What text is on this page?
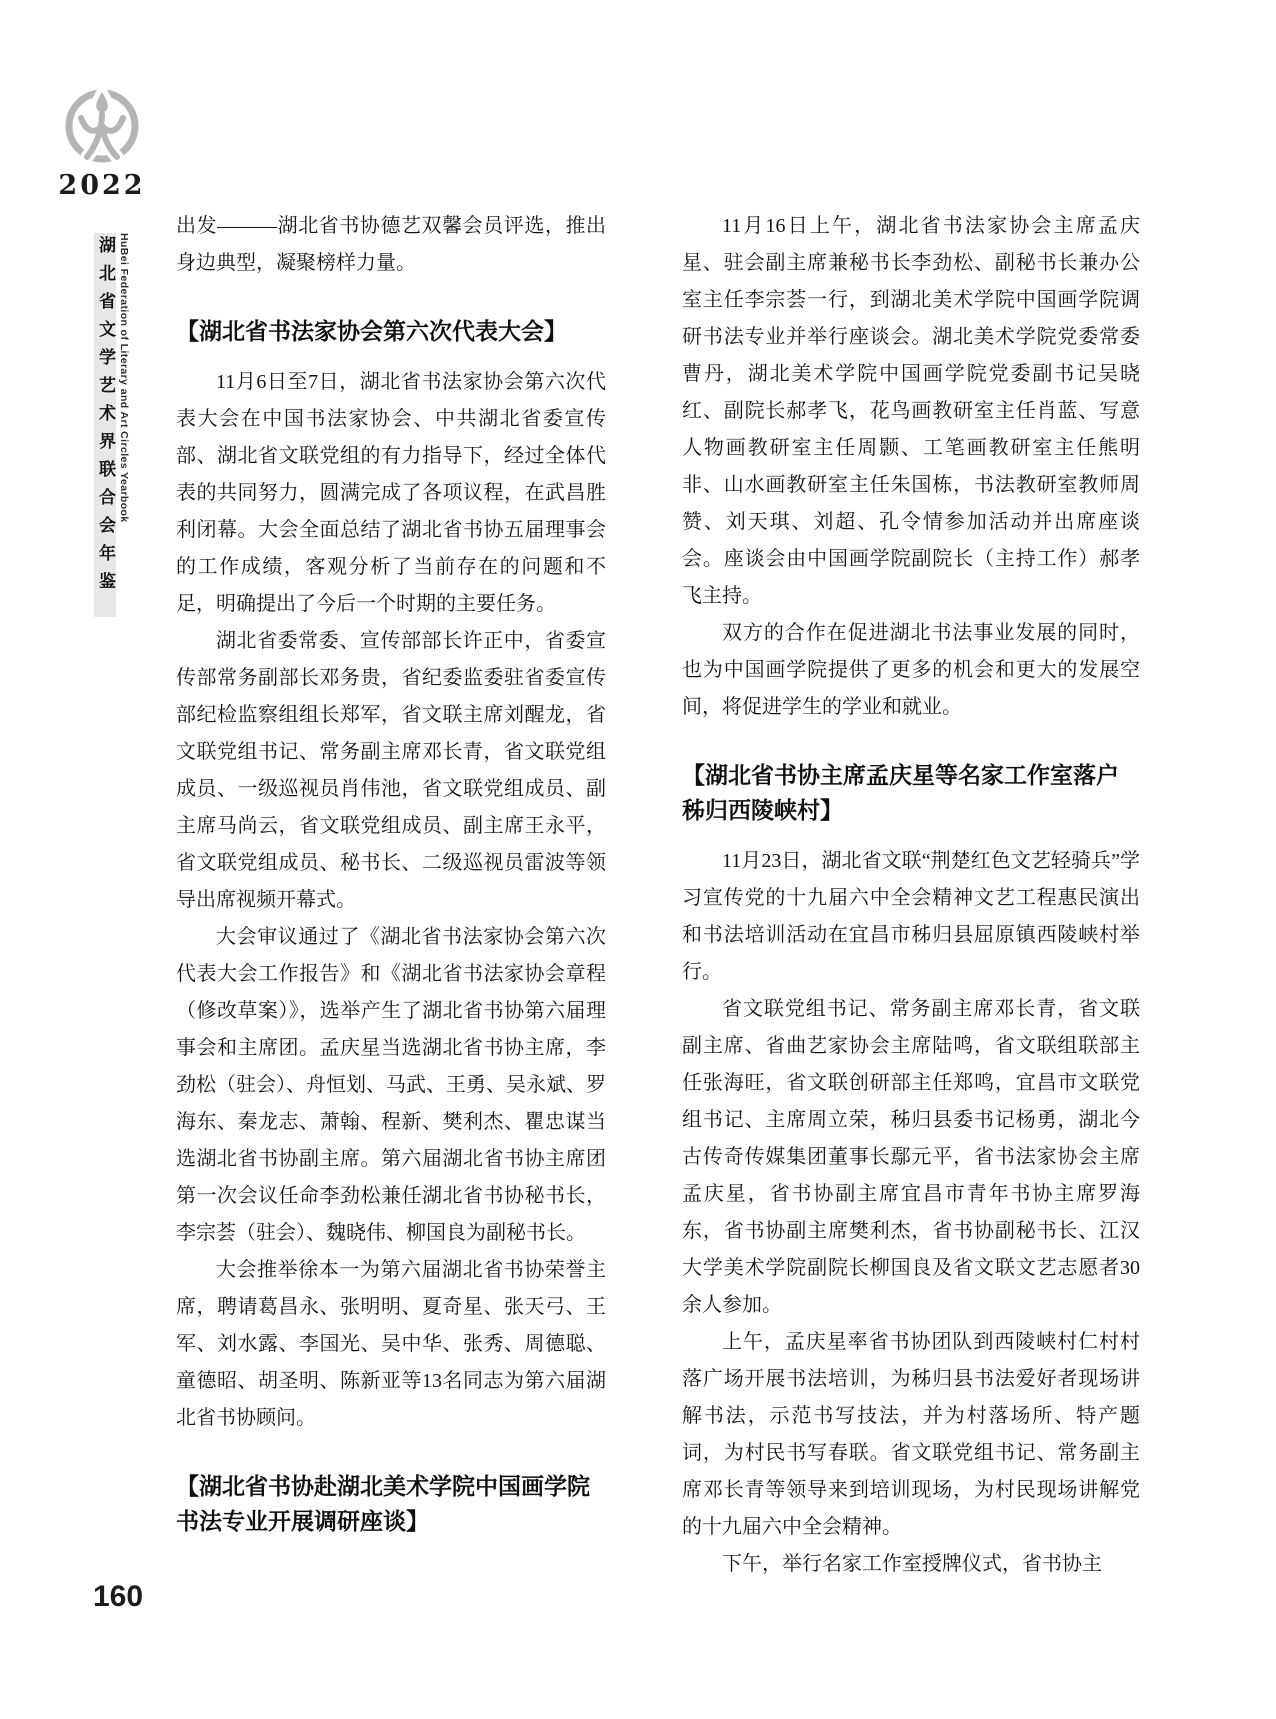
2022
湖北省文学艺术界联合会年鉴 HuBei Federation of Literary and Art Circles Yearbook
出发———湖北省书协德艺双馨会员评选，推出身边典型，凝聚榜样力量。
【湖北省书法家协会第六次代表大会】
11月6日至7日，湖北省书法家协会第六次代表大会在中国书法家协会、中共湖北省委宣传部、湖北省文联党组的有力指导下，经过全体代表的共同努力，圆满完成了各项议程，在武昌胜利闭幕。大会全面总结了湖北省书协五届理事会的工作成绩，客观分析了当前存在的问题和不足，明确提出了今后一个时期的主要任务。
湖北省委常委、宣传部部长许正中，省委宣传部常务副部长邓务贵，省纪委监委驻省委宣传部纪检监察组组长郑军，省文联主席刘醒龙，省文联党组书记、常务副主席邓长青，省文联党组成员、一级巡视员肖伟池，省文联党组成员、副主席马尚云，省文联党组成员、副主席王永平，省文联党组成员、秘书长、二级巡视员雷波等领导出席视频开幕式。
大会审议通过了《湖北省书法家协会第六次代表大会工作报告》和《湖北省书法家协会章程（修改草案）》，选举产生了湖北省书协第六届理事会和主席团。孟庆星当选湖北省书协主席，李劲松（驻会）、舟恒划、马武、王勇、吴永斌、罗海东、秦龙志、萧翰、程新、樊利杰、瞿忠谋当选湖北省书协副主席。第六届湖北省书协主席团第一次会议任命李劲松兼任湖北省书协秘书长，李宗荟（驻会）、魏晓伟、柳国良为副秘书长。
大会推举徐本一为第六届湖北省书协荣誉主席，聘请葛昌永、张明明、夏奇星、张天弓、王军、刘水露、李国光、吴中华、张秀、周德聪、童德昭、胡圣明、陈新亚等13名同志为第六届湖北省书协顾问。
【湖北省书协赴湖北美术学院中国画学院书法专业开展调研座谈】
11月16日上午，湖北省书法家协会主席孟庆星、驻会副主席兼秘书长李劲松、副秘书长兼办公室主任李宗荟一行，到湖北美术学院中国画学院调研书法专业并举行座谈会。湖北美术学院党委常委曹丹，湖北美术学院中国画学院党委副书记吴晓红、副院长郝孝飞，花鸟画教研室主任肖蓝、写意人物画教研室主任周颢、工笔画教研室主任熊明非、山水画教研室主任朱国栋，书法教研室教师周赞、刘天琪、刘超、孔令情参加活动并出席座谈会。座谈会由中国画学院副院长（主持工作）郝孝飞主持。
双方的合作在促进湖北书法事业发展的同时，也为中国画学院提供了更多的机会和更大的发展空间，将促进学生的学业和就业。
【湖北省书协主席孟庆星等名家工作室落户秭归西陵峡村】
11月23日，湖北省文联“荆楚红色文艺轻骑兵”学习宣传党的十九届六中全会精神文艺工程惠民演出和书法培训活动在宜昌市秭归县屈原镇西陵峡村举行。
省文联党组书记、常务副主席邓长青，省文联副主席、省曲艺家协会主席陆鸣，省文联组联部主任张海旺，省文联创研部主任郑鸣，宜昌市文联党组书记、主席周立荣，秭归县委书记杨勇，湖北今古传奇传媒集团董事长鄢元平，省书法家协会主席孟庆星，省书协副主席宜昌市青年书协主席罗海东，省书协副主席樊利杰，省书协副秘书长、江汉大学美术学院副院长柳国良及省文联文艺志愿者30余人参加。
上午，孟庆星率省书协团队到西陵峡村仁村村落广场开展书法培训，为秭归县书法爱好者现场讲解书法，示范书写技法，并为村落场所、特产题词，为村民书写春联。省文联党组书记、常务副主席邓长青等领导来到培训现场，为村民现场讲解党的十九届六中全会精神。
下午，举行名家工作室授牌仪式，省书协主
160
